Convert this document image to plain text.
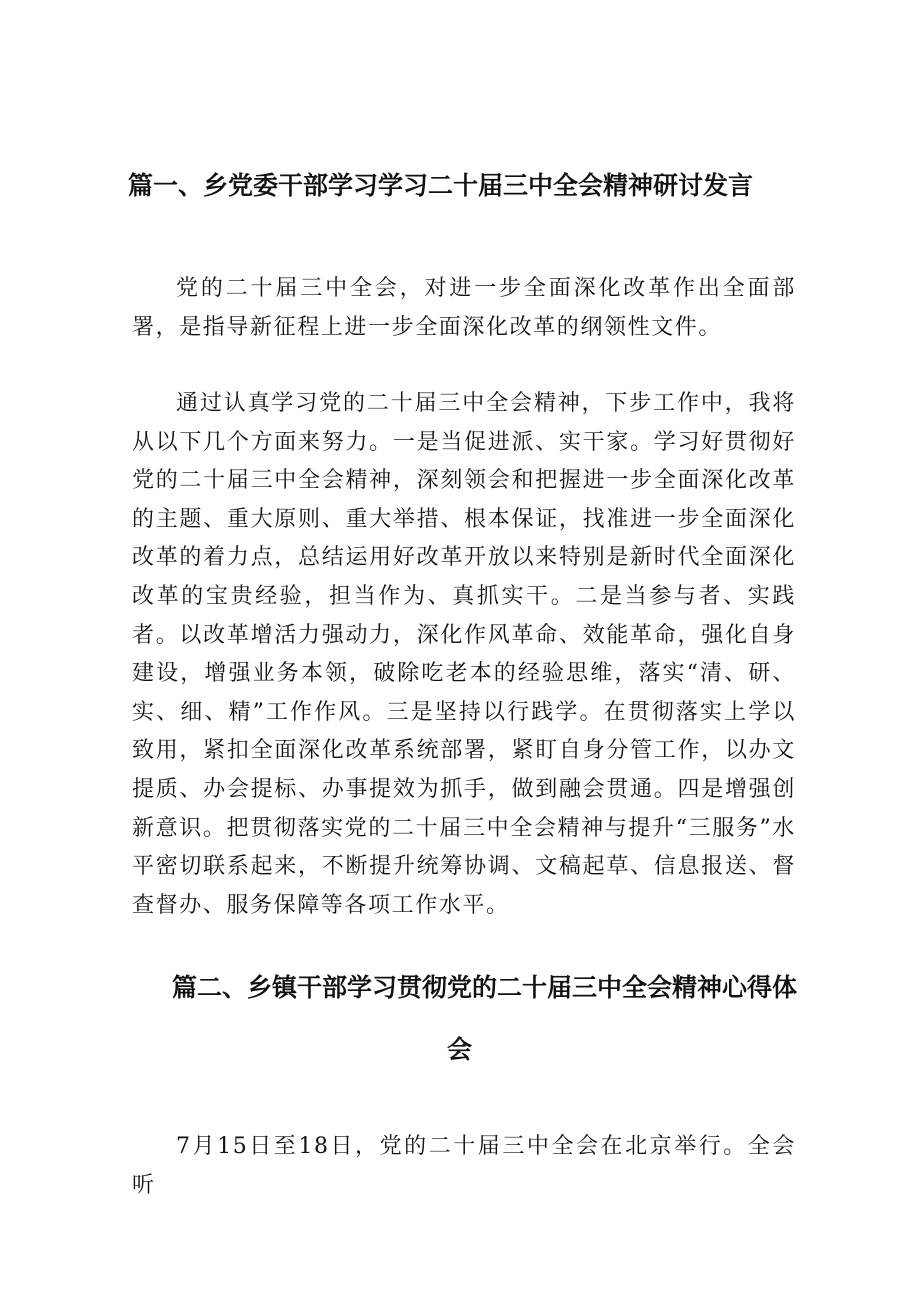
篇一、乡党委干部学习学习二十届三中全会精神研讨发言

党的二十届三中全会，对进一步全面深化改革作出全面部署，是指导新征程上进一步全面深化改革的纲领性文件。

通过认真学习党的二十届三中全会精神，下步工作中，我将从以下几个方面来努力。一是当促进派、实干家。学习好贯彻好党的二十届三中全会精神，深刻领会和把握进一步全面深化改革的主题、重大原则、重大举措、根本保证，找准进一步全面深化改革的着力点，总结运用好改革开放以来特别是新时代全面深化改革的宝贵经验，担当作为、真抓实干。二是当参与者、实践者。以改革增活力强动力，深化作风革命、效能革命，强化自身建设，增强业务本领，破除吃老本的经验思维，落实“清、研、实、细、精”工作作风。三是坚持以行践学。在贯彻落实上学以致用，紧扣全面深化改革系统部署，紧盯自身分管工作，以办文提质、办会提标、办事提效为抓手，做到融会贯通。四是增强创新意识。把贯彻落实党的二十届三中全会精神与提升“三服务”水平密切联系起来，不断提升统筹协调、文稿起草、信息报送、督查督办、服务保障等各项工作水平。

篇二、乡镇干部学习贯彻党的二十届三中全会精神心得体
会

7月15日至18日，党的二十届三中全会在北京举行。全会听
